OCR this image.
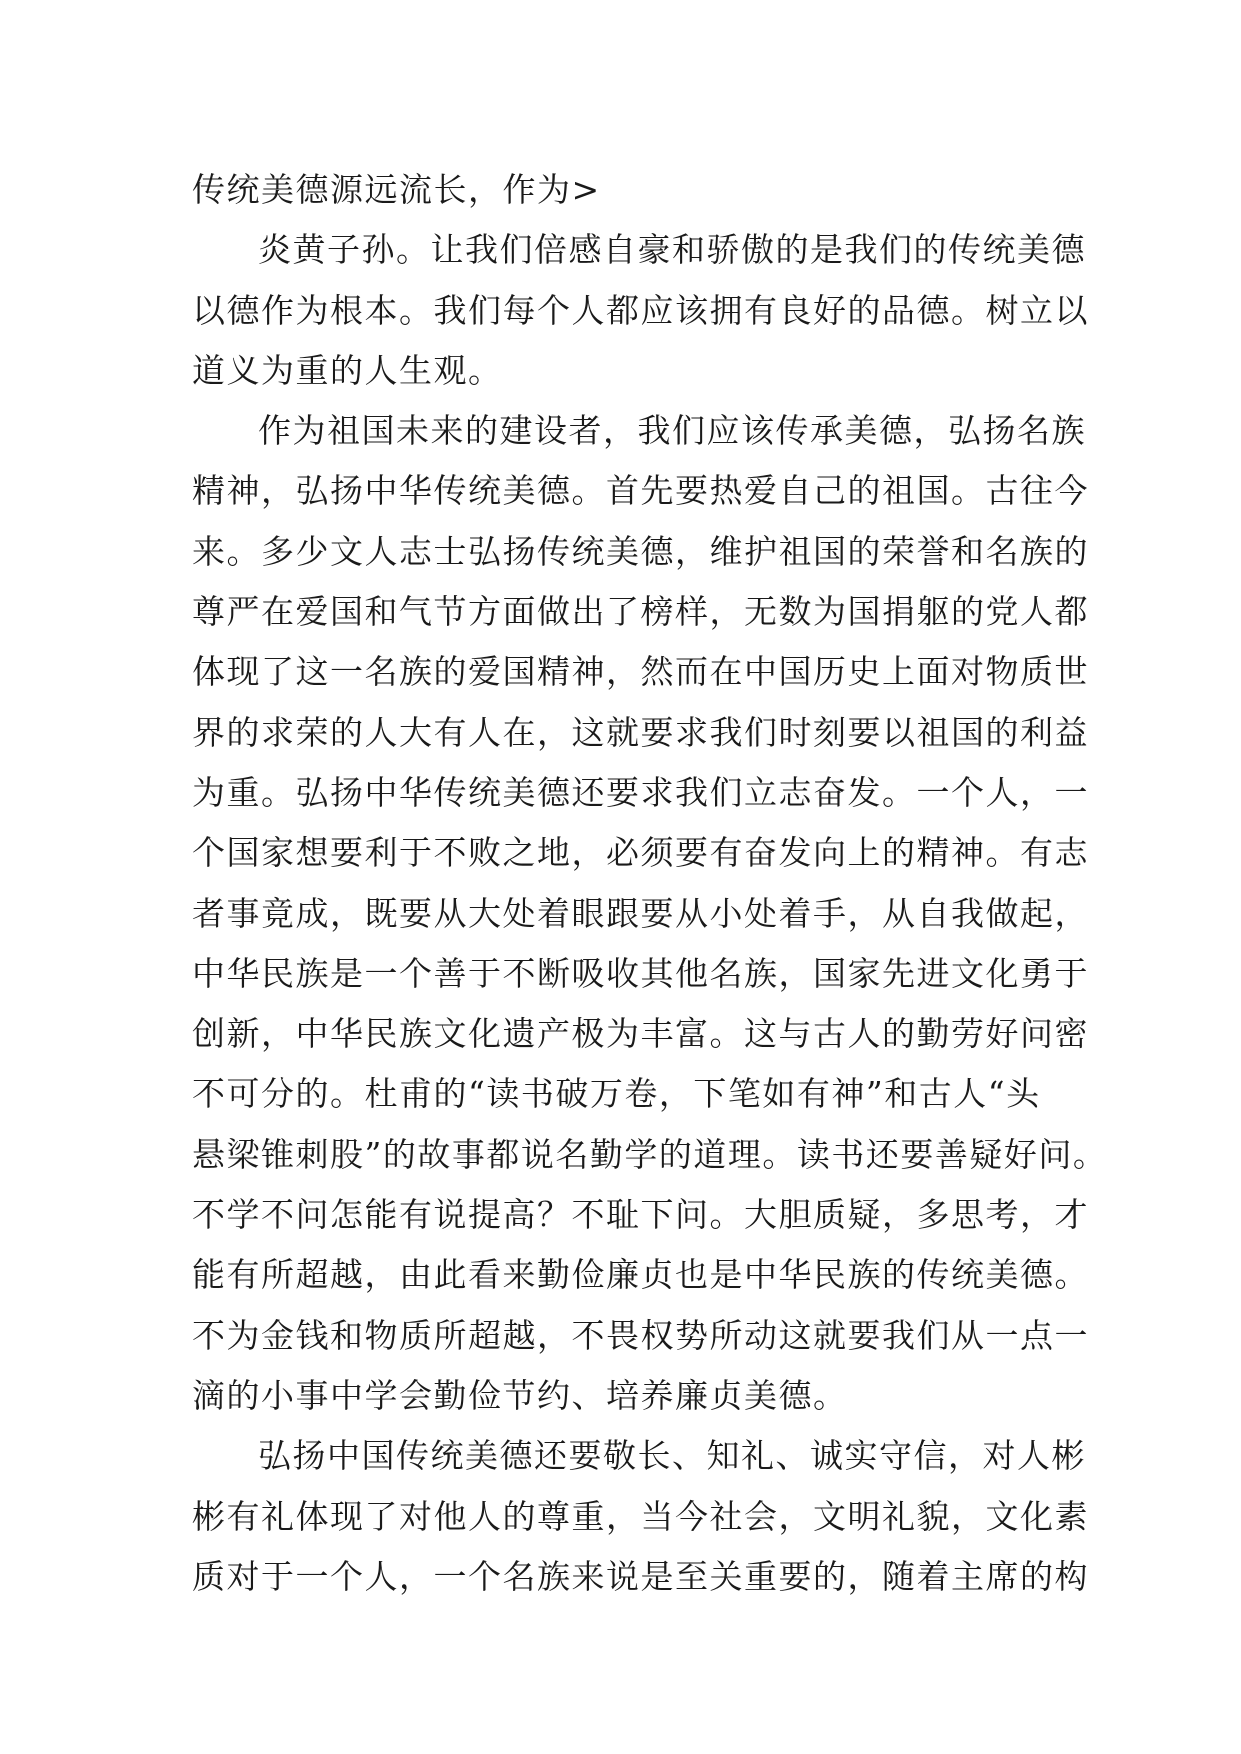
传统美德源远流长，作为>
炎黄子孙。让我们倍感自豪和骄傲的是我们的传统美德
以德作为根本。我们每个人都应该拥有良好的品德。树立以
道义为重的人生观。
作为祖国未来的建设者，我们应该传承美德，弘扬名族
精神，弘扬中华传统美德。首先要热爱自己的祖国。古往今
来。多少文人志士弘扬传统美德，维护祖国的荣誉和名族的
尊严在爱国和气节方面做出了榜样，无数为国捐躯的党人都
体现了这一名族的爱国精神，然而在中国历史上面对物质世
界的求荣的人大有人在，这就要求我们时刻要以祖国的利益
为重。弘扬中华传统美德还要求我们立志奋发。一个人，一
个国家想要利于不败之地，必须要有奋发向上的精神。有志
者事竟成，既要从大处着眼跟要从小处着手，从自我做起，
中华民族是一个善于不断吸收其他名族，国家先进文化勇于
创新，中华民族文化遗产极为丰富。这与古人的勤劳好问密
不可分的。杜甫的“读书破万卷，下笔如有神”和古人“头
悬梁锥刺股”的故事都说名勤学的道理。读书还要善疑好问。
不学不问怎能有说提高？不耻下问。大胆质疑，多思考，才
能有所超越，由此看来勤俭廉贞也是中华民族的传统美德。
不为金钱和物质所超越，不畏权势所动这就要我们从一点一
滴的小事中学会勤俭节约、培养廉贞美德。
弘扬中国传统美德还要敬长、知礼、诚实守信，对人彬
彬有礼体现了对他人的尊重，当今社会，文明礼貌，文化素
质对于一个人，一个名族来说是至关重要的，随着主席的构
